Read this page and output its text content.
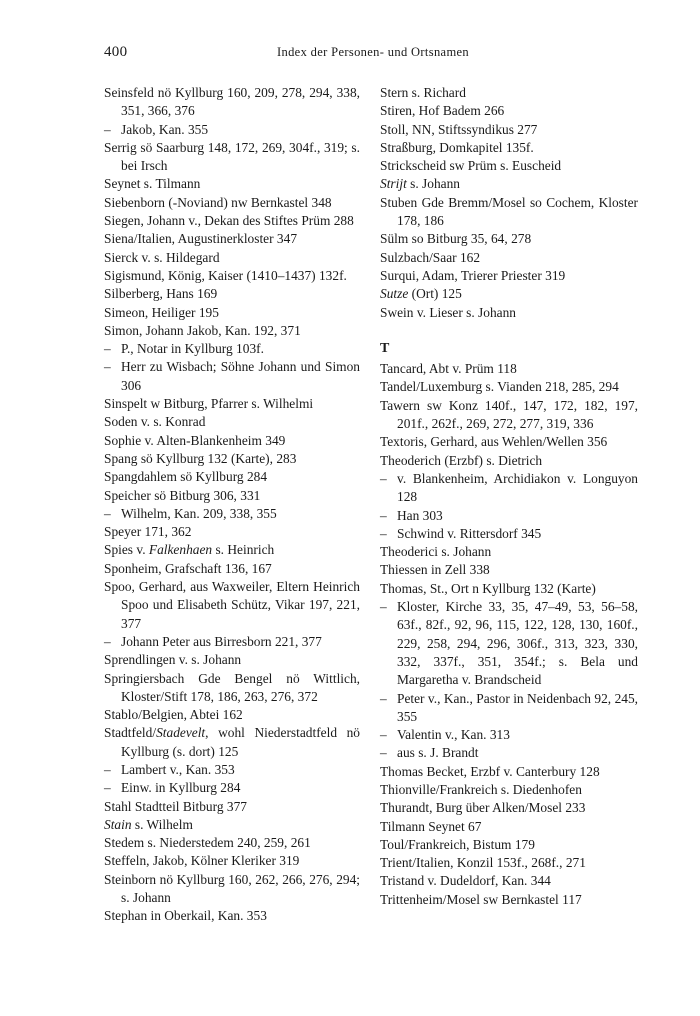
400	Index der Personen- und Ortsnamen

Seinsfeld nö Kyllburg 160, 209, 278, 294, 338, 351, 366, 376

– Jakob, Kan. 355

Serrig sö Saarburg 148, 172, 269, 304f., 319; s. bei Irsch

Seynet s. Tilmann

Siebenborn (-Noviand) nw Bernkastel 348

Siegen, Johann v., Dekan des Stiftes Prüm 288

Siena/Italien, Augustinerkloster 347

Sierck v. s. Hildegard

Sigismund, König, Kaiser (1410–1437) 132f.

Silberberg, Hans 169

Simeon, Heiliger 195

Simon, Johann Jakob, Kan. 192, 371

– P., Notar in Kyllburg 103f.

– Herr zu Wisbach; Söhne Johann und Simon 306

Sinspelt w Bitburg, Pfarrer s. Wilhelmi

Soden v. s. Konrad

Sophie v. Alten-Blankenheim 349

Spang sö Kyllburg 132 (Karte), 283

Spangdahlem sö Kyllburg 284

Speicher sö Bitburg 306, 331

– Wilhelm, Kan. 209, 338, 355

Speyer 171, 362

Spies v. Falkenhaen s. Heinrich

Sponheim, Grafschaft 136, 167

Spoo, Gerhard, aus Waxweiler, Eltern Heinrich Spoo und Elisabeth Schütz, Vikar 197, 221, 377

– Johann Peter aus Birresborn 221, 377

Sprendlingen v. s. Johann

Springiersbach Gde Bengel nö Wittlich, Kloster/Stift 178, 186, 263, 276, 372

Stablo/Belgien, Abtei 162

Stadtfeld/Stadevelt, wohl Niederstadtfeld nö Kyllburg (s. dort) 125

– Lambert v., Kan. 353

– Einw. in Kyllburg 284

Stahl Stadtteil Bitburg 377

Stain s. Wilhelm

Stedem s. Niederstedem 240, 259, 261

Steffeln, Jakob, Kölner Kleriker 319

Steinborn nö Kyllburg 160, 262, 266, 276, 294; s. Johann

Stephan in Oberkail, Kan. 353

Stern s. Richard

Stiren, Hof Badem 266

Stoll, NN, Stiftssyndikus 277

Straßburg, Domkapitel 135f.

Strickscheid sw Prüm s. Euscheid

Strijt s. Johann

Stuben Gde Bremm/Mosel so Cochem, Kloster 178, 186

Sülm so Bitburg 35, 64, 278

Sulzbach/Saar 162

Surqui, Adam, Trierer Priester 319

Sutze (Ort) 125

Swein v. Lieser s. Johann

T

Tancard, Abt v. Prüm 118

Tandel/Luxemburg s. Vianden 218, 285, 294

Tawern sw Konz 140f., 147, 172, 182, 197, 201f., 262f., 269, 272, 277, 319, 336

Textoris, Gerhard, aus Wehlen/Wellen 356

Theoderich (Erzbf) s. Dietrich

– v. Blankenheim, Archidiakon v. Longuyon 128

– Han 303

– Schwind v. Rittersdorf 345

Theoderici s. Johann

Thiessen in Zell 338

Thomas, St., Ort n Kyllburg 132 (Karte)

– Kloster, Kirche 33, 35, 47–49, 53, 56–58, 63f., 82f., 92, 96, 115, 122, 128, 130, 160f., 229, 258, 294, 296, 306f., 313, 323, 330, 332, 337f., 351, 354f.; s. Bela und Margaretha v. Brandscheid

– Peter v., Kan., Pastor in Neidenbach 92, 245, 355

– Valentin v., Kan. 313

– aus s. J. Brandt

Thomas Becket, Erzbf v. Canterbury 128

Thionville/Frankreich s. Diedenhofen

Thurandt, Burg über Alken/Mosel 233

Tilmann Seynet 67

Toul/Frankreich, Bistum 179

Trient/Italien, Konzil 153f., 268f., 271

Tristand v. Dudeldorf, Kan. 344

Trittenheim/Mosel sw Bernkastel 117
